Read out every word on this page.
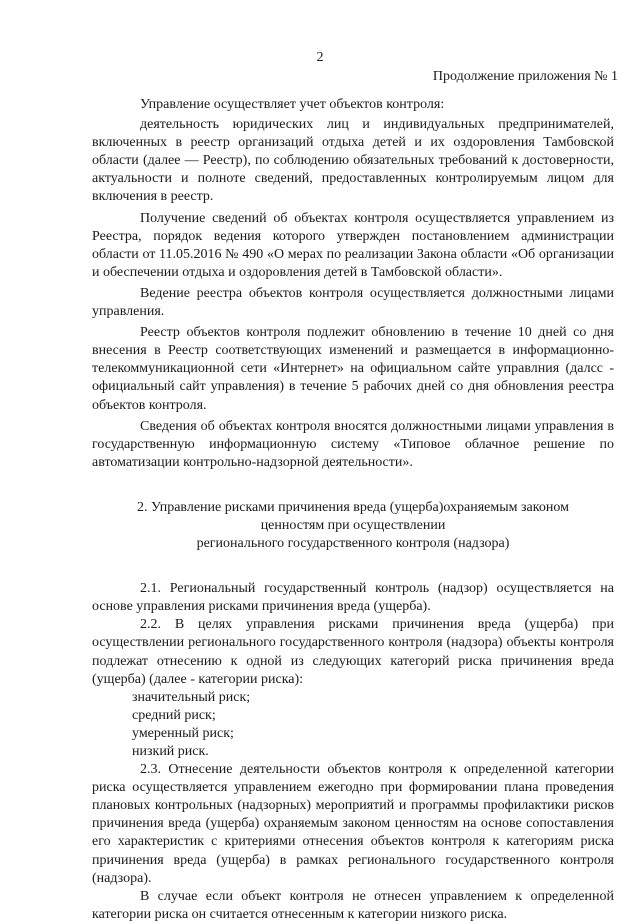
2
Продолжение приложения № 1

Управление осуществляет учет объектов контроля:

деятельность юридических лиц и индивидуальных предпринимателей, включенных в реестр организаций отдыха детей и их оздоровления Тамбовской области (далее — Реестр), по соблюдению обязательных требований к достоверности, актуальности и полноте сведений, предоставленных контролируемым лицом для включения в реестр.

Получение сведений об объектах контроля осуществляется управлением из Реестра, порядок ведения которого утвержден постановлением администрации области от 11.05.2016 № 490 «О мерах по реализации Закона области «Об организации и обеспечении отдыха и оздоровления детей в Тамбовской области».

Ведение реестра объектов контроля осуществляется должностными лицами управления.

Реестр объектов контроля подлежит обновлению в течение 10 дней со дня внесения в Реестр соответствующих изменений и размещается в информационно-телекоммуникационной сети «Интернет» на официальном сайте управлния (далсс - официальный сайт управления) в течение 5 рабочих дней со дня обновления реестра объектов контроля.

Сведения об объектах контроля вносятся должностными лицами управления в государственную информационную систему «Типовое облачное решение по автоматизации контрольно-надзорной деятельности».

2. Управление рисками причинения вреда (ущерба)охраняемым законом
ценностям при осуществлении
регионального государственного контроля (надзора)

2.1. Региональный государственный контроль (надзор) осуществляется на основе управления рисками причинения вреда (ущерба).

2.2. В целях управления рисками причинения вреда (ущерба) при осуществлении регионального государственного контроля (надзора) объекты контроля подлежат отнесению к одной из следующих категорий риска причинения вреда (ущерба) (далее - категории риска):

значительный риск;
средний риск;
умеренный риск;
низкий риск.

2.3. Отнесение деятельности объектов контроля к определенной категории риска осуществляется управлением ежегодно при формировании плана проведения плановых контрольных (надзорных) мероприятий и программы профилактики рисков причинения вреда (ущерба) охраняемым законом ценностям на основе сопоставления его характеристик с критериями отнесения объектов контроля к категориям риска причинения вреда (ущерба) в рамках регионального государственного контроля (надзора).

В случае если объект контроля не отнесен управлением к определенной категории риска он считается отнесенным к категории низкого риска.
